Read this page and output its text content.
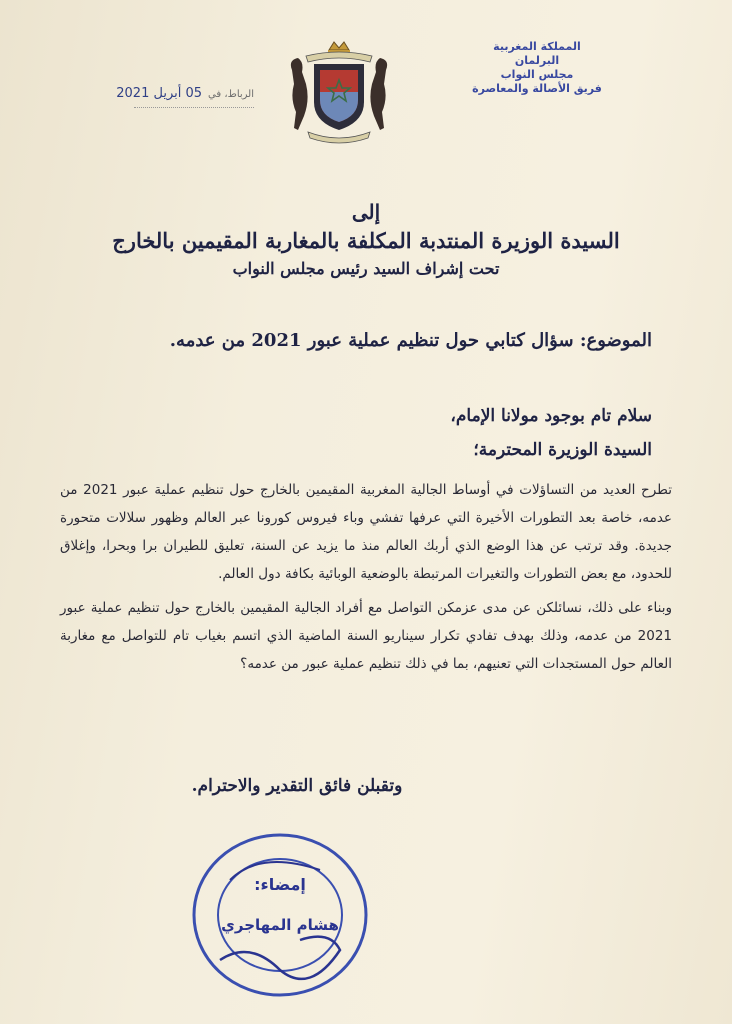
الرباط، في
05 أبريل 2021
المملكة المغربية
البرلمان
مجلس النواب
فريق الأصالة والمعاصرة
إلى
السيدة الوزيرة المنتدبة المكلفة بالمغاربة المقيمين بالخارج
تحت إشراف السيد رئيس مجلس النواب
الموضوع: سؤال كتابي حول تنظيم عملية عبور 2021 من عدمه.
سلام تام بوجود مولانا الإمام،
السيدة الوزيرة المحترمة؛

تطرح العديد من التساؤلات في أوساط الجالية المغربية المقيمين بالخارج حول تنظيم عملية عبور 2021 من عدمه، خاصة بعد التطورات الأخيرة التي عرفها تفشي وباء فيروس كورونا عبر العالم وظهور سلالات متحورة جديدة. وقد ترتب عن هذا الوضع الذي أربك العالم منذ ما يزيد عن السنة، تعليق للطيران برا وبحرا، وإغلاق للحدود، مع بعض التطورات والتغيرات المرتبطة بالوضعية الوبائية بكافة دول العالم.

وبناء على ذلك، نسائلكن عن مدى عزمكن التواصل مع أفراد الجالية المقيمين بالخارج حول تنظيم عملية عبور 2021 من عدمه، وذلك بهدف تفادي تكرار سيناريو السنة الماضية الذي اتسم بغياب تام للتواصل مع مغاربة العالم حول المستجدات التي تعنيهم، بما في ذلك تنظيم عملية عبور من عدمه؟

وتقبلن فائق التقدير والاحترام.
إمضاء:
هشام المهاجري
